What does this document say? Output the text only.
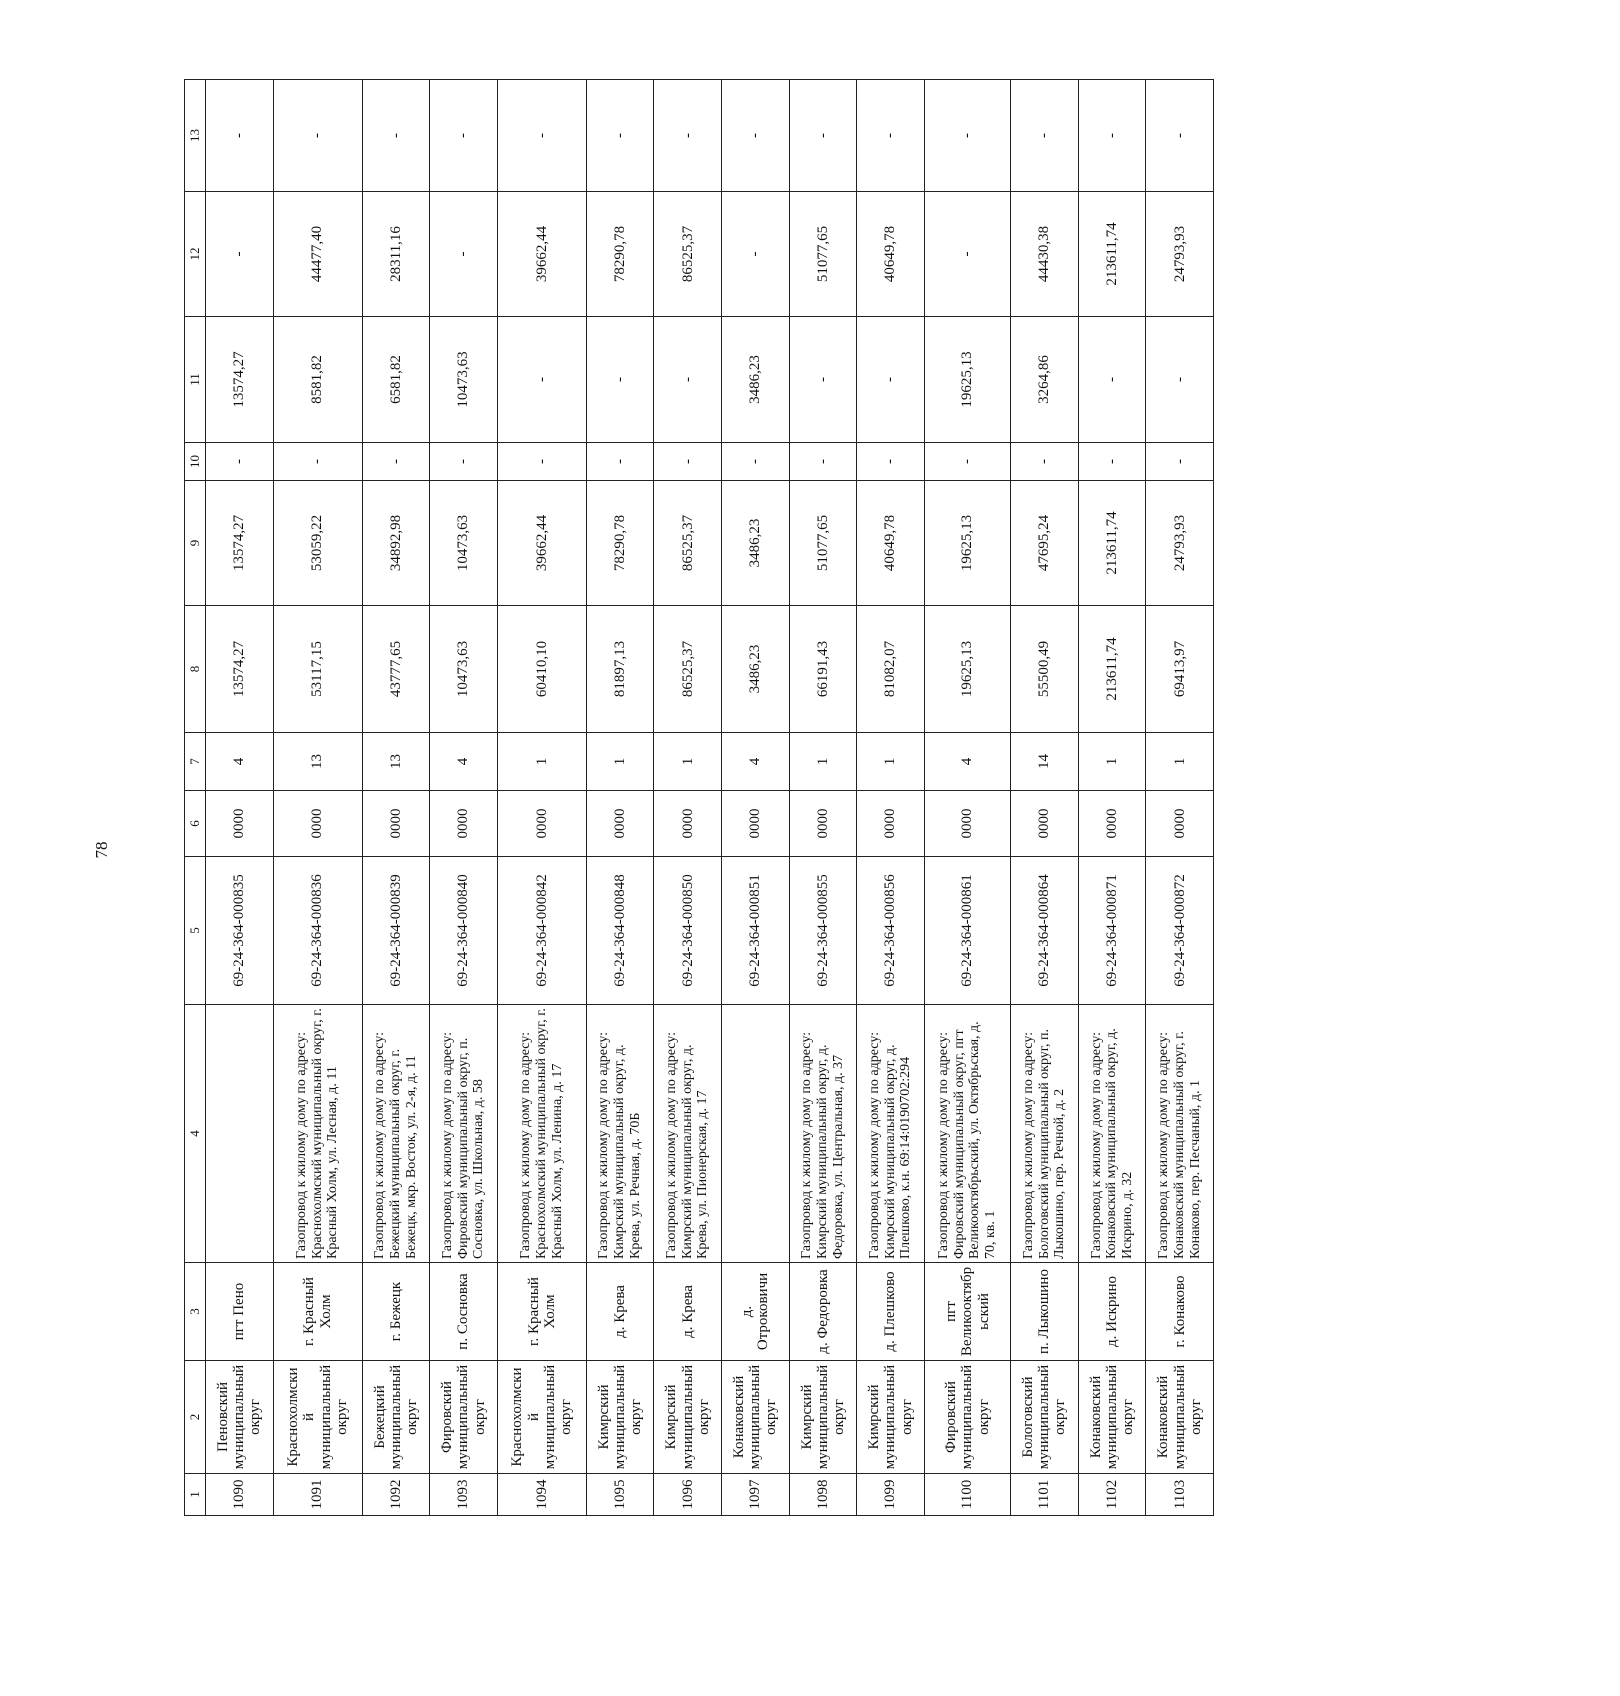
78
1	2	3	4	5	6	7	8	9	10	11	12	13
1090	Пеновский муниципальный округ	пгт Пено		69-24-364-000835	0000	4	13574,27	13574,27	-	13574,27	-	-
1091	Краснохолмский муниципальный округ	г. Красный Холм	Газопровод к жилому дому по адресу: Краснохолмский муниципальный округ, г. Красный Холм, ул. Лесная, д. 11	69-24-364-000836	0000	13	53117,15	53059,22	-	8581,82	44477,40	-
1092	Бежецкий муниципальный округ	г. Бежецк	Газопровод к жилому дому по адресу: Бежецкий муниципальный округ, г. Бежецк, мкр. Восток, ул. 2-я, д. 11	69-24-364-000839	0000	13	43777,65	34892,98	-	6581,82	28311,16	-
1093	Фировский муниципальный округ	п. Сосновка	Газопровод к жилому дому по адресу: Фировский муниципальный округ, п. Сосновка, ул. Школьная, д. 58	69-24-364-000840	0000	4	10473,63	10473,63	-	10473,63	-	-
1094	Краснохолмский муниципальный округ	г. Красный Холм	Газопровод к жилому дому по адресу: Краснохолмский муниципальный округ, г. Красный Холм, ул. Ленина, д. 17	69-24-364-000842	0000	1	60410,10	39662,44	-	-	39662,44	-
1095	Кимрский муниципальный округ	д. Крева	Газопровод к жилому дому по адресу: Кимрский муниципальный округ, д. Крева, ул. Речная, д. 70Б	69-24-364-000848	0000	1	81897,13	78290,78	-	-	78290,78	-
1096	Кимрский муниципальный округ	д. Крева	Газопровод к жилому дому по адресу: Кимрский муниципальный округ, д. Крева, ул. Пионерская, д. 17	69-24-364-000850	0000	1	86525,37	86525,37	-	-	86525,37	-
1097	Конаковский муниципальный округ	д. Отроковичи		69-24-364-000851	0000	4	3486,23	3486,23	-	3486,23	-	-
1098	Кимрский муниципальный округ	д. Федоровка	Газопровод к жилому дому по адресу: Кимрский муниципальный округ, д. Федоровка, ул. Центральная, д. 37	69-24-364-000855	0000	1	66191,43	51077,65	-	-	51077,65	-
1099	Кимрский муниципальный округ	д. Плешково	Газопровод к жилому дому по адресу: Кимрский муниципальный округ, д. Плешково, к.н. 69:14:0190702:294	69-24-364-000856	0000	1	81082,07	40649,78	-	-	40649,78	-
1100	Фировский муниципальный округ	пгт Великооктябрьский	Газопровод к жилому дому по адресу: Фировский муниципальный округ, пгт Великооктябрьский, ул. Октябрьская, д. 70, кв. 1	69-24-364-000861	0000	4	19625,13	19625,13	-	19625,13	-	-
1101	Бологовский муниципальный округ	п. Лыкошино	Газопровод к жилому дому по адресу: Бологовский муниципальный округ, п. Лыкошино, пер. Речной, д. 2	69-24-364-000864	0000	14	55500,49	47695,24	-	3264,86	44430,38	-
1102	Конаковский муниципальный округ	д. Искрино	Газопровод к жилому дому по адресу: Конаковский муниципальный округ, д. Искрино, д. 32	69-24-364-000871	0000	1	213611,74	213611,74	-	-	213611,74	-
1103	Конаковский муниципальный округ	г. Конаково	Газопровод к жилому дому по адресу: Конаковский муниципальный округ, г. Конаково, пер. Песчаный, д. 1	69-24-364-000872	0000	1	69413,97	24793,93	-	-	24793,93	-
